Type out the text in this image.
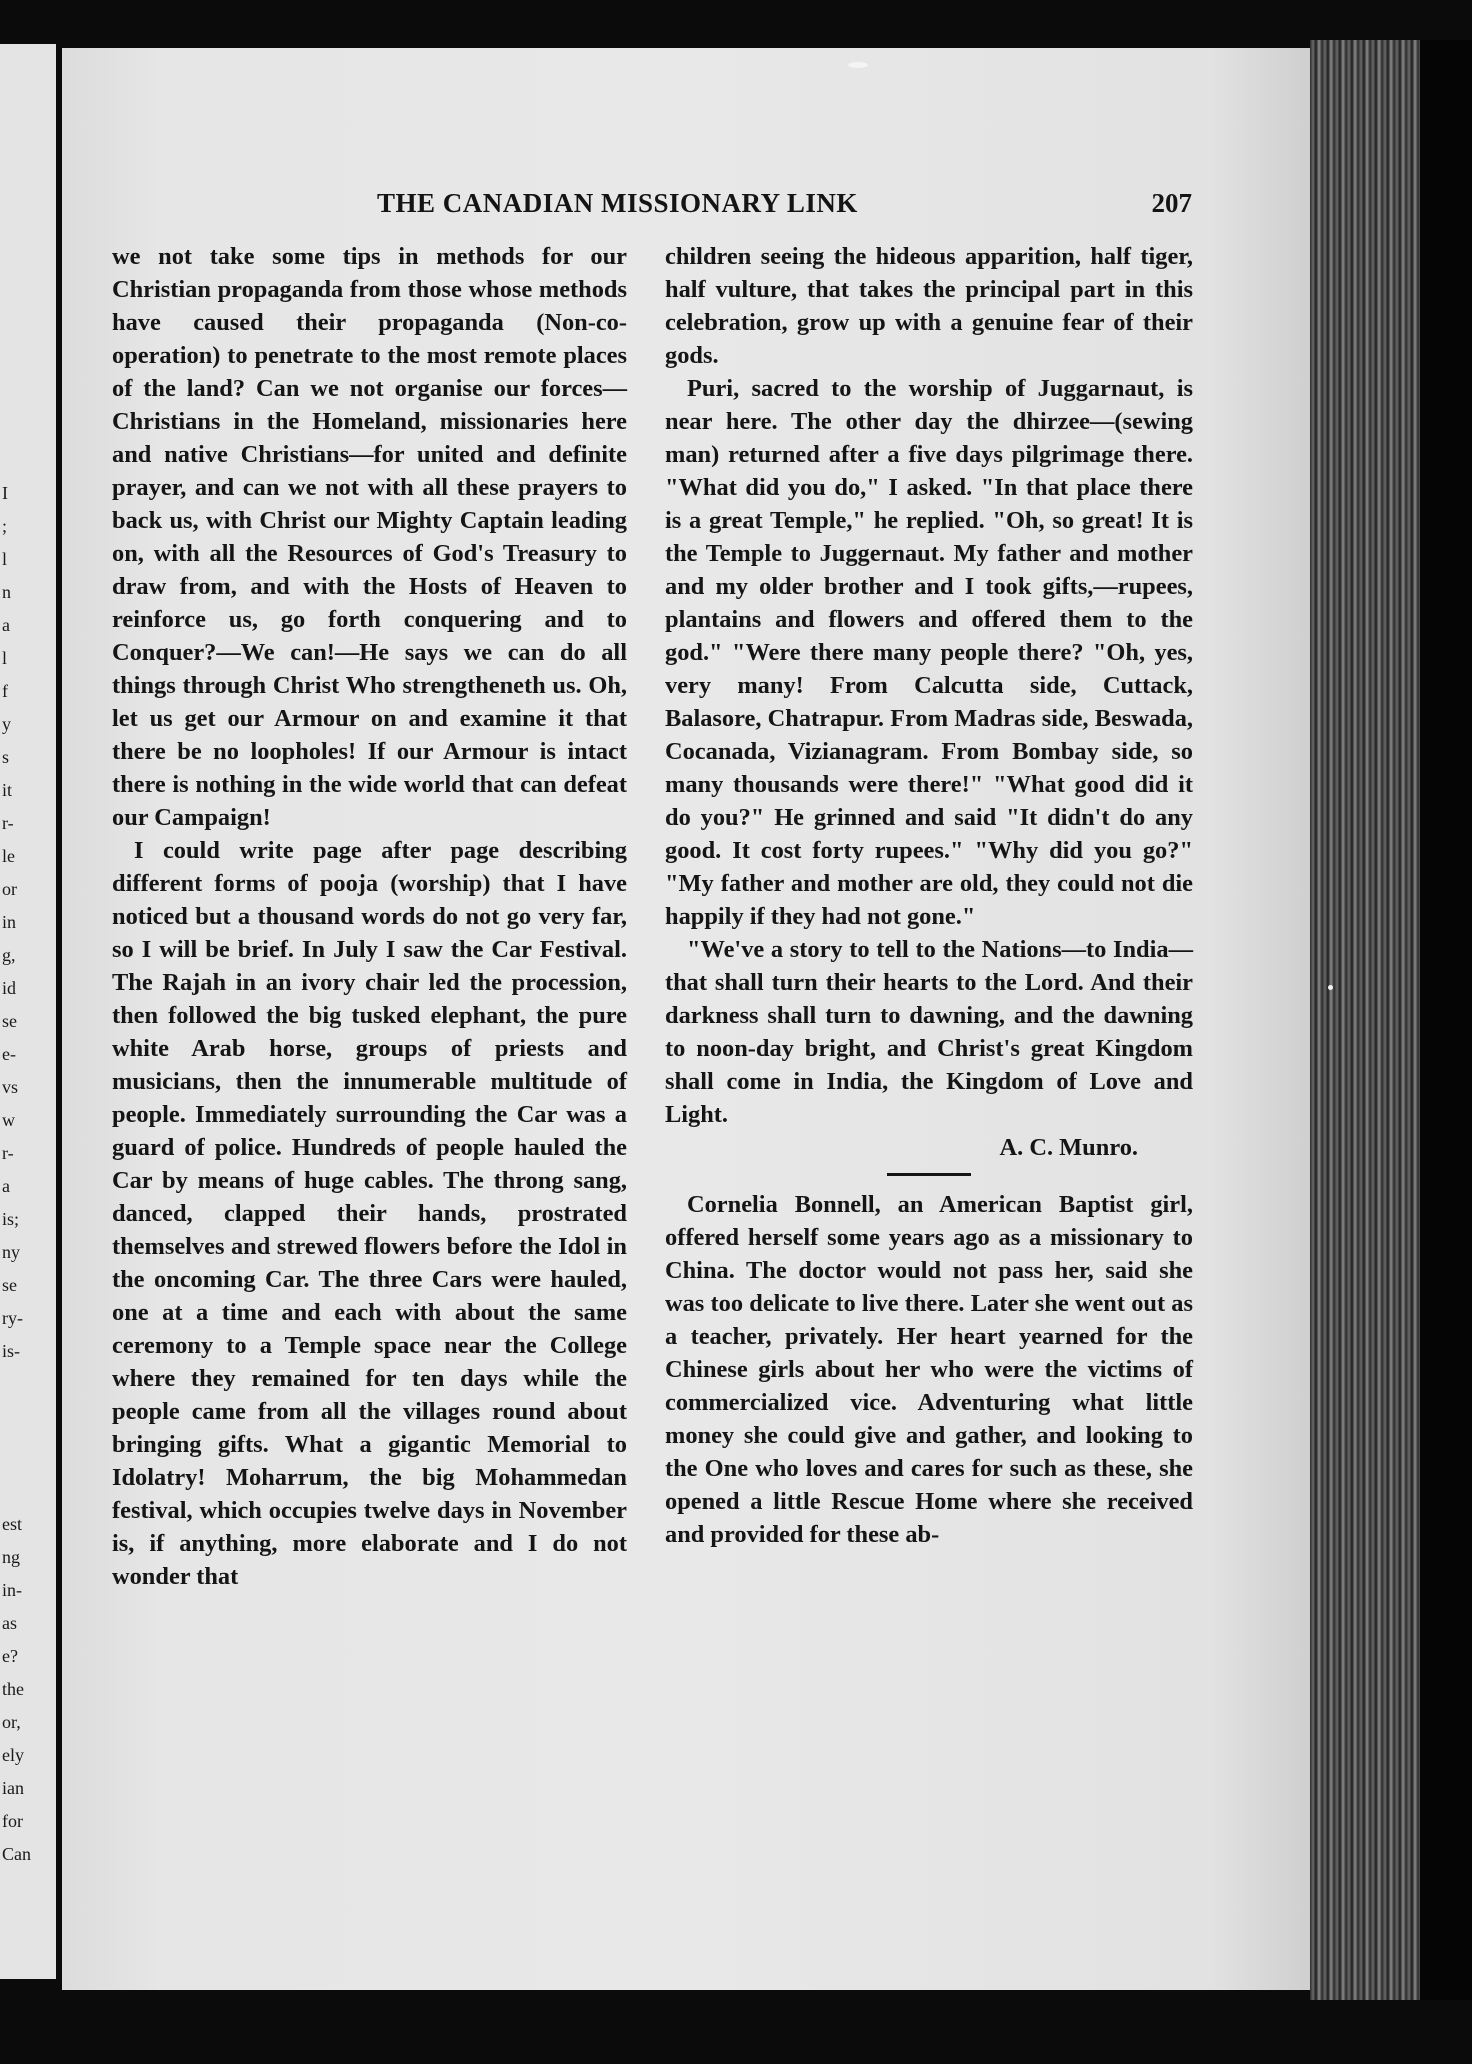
I
;
l
n
a
l
f
y
s
it
r-
le
or
in
g,
id
se
e-
vs
w
r-
a
is;
ny
se
ry-
is-
est
ng
in-
as
e?
the
or,
ely
ian
for
Can
THE CANADIAN MISSIONARY LINK	207

we not take some tips in methods for our Christian propaganda from those whose methods have caused their propaganda (Non-co-operation) to penetrate to the most remote places of the land? Can we not organise our forces—Christians in the Homeland, missionaries here and native Christians—for united and definite prayer, and can we not with all these prayers to back us, with Christ our Mighty Captain leading on, with all the Resources of God's Treasury to draw from, and with the Hosts of Heaven to reinforce us, go forth conquering and to Conquer?—We can!—He says we can do all things through Christ Who strengtheneth us. Oh, let us get our Armour on and examine it that there be no loopholes! If our Armour is intact there is nothing in the wide world that can defeat our Campaign!

I could write page after page describing different forms of pooja (worship) that I have noticed but a thousand words do not go very far, so I will be brief. In July I saw the Car Festival. The Rajah in an ivory chair led the procession, then followed the big tusked elephant, the pure white Arab horse, groups of priests and musicians, then the innumerable multitude of people. Immediately surrounding the Car was a guard of police. Hundreds of people hauled the Car by means of huge cables. The throng sang, danced, clapped their hands, prostrated themselves and strewed flowers before the Idol in the oncoming Car. The three Cars were hauled, one at a time and each with about the same ceremony to a Temple space near the College where they remained for ten days while the people came from all the villages round about bringing gifts. What a gigantic Memorial to Idolatry! Moharrum, the big Mohammedan festival, which occupies twelve days in November is, if anything, more elaborate and I do not wonder that

children seeing the hideous apparition, half tiger, half vulture, that takes the principal part in this celebration, grow up with a genuine fear of their gods.

Puri, sacred to the worship of Juggarnaut, is near here. The other day the dhirzee—(sewing man) returned after a five days pilgrimage there. "What did you do," I asked. "In that place there is a great Temple," he replied. "Oh, so great! It is the Temple to Juggernaut. My father and mother and my older brother and I took gifts,—rupees, plantains and flowers and offered them to the god." "Were there many people there? "Oh, yes, very many! From Calcutta side, Cuttack, Balasore, Chatrapur. From Madras side, Beswada, Cocanada, Vizianagram. From Bombay side, so many thousands were there!" "What good did it do you?" He grinned and said "It didn't do any good. It cost forty rupees." "Why did you go?" "My father and mother are old, they could not die happily if they had not gone."

"We've a story to tell to the Nations—to India—that shall turn their hearts to the Lord. And their darkness shall turn to dawning, and the dawning to noon-day bright, and Christ's great Kingdom shall come in India, the Kingdom of Love and Light.

A. C. Munro.

Cornelia Bonnell, an American Baptist girl, offered herself some years ago as a missionary to China. The doctor would not pass her, said she was too delicate to live there. Later she went out as a teacher, privately. Her heart yearned for the Chinese girls about her who were the victims of commercialized vice. Adventuring what little money she could give and gather, and looking to the One who loves and cares for such as these, she opened a little Rescue Home where she received and provided for these ab-
